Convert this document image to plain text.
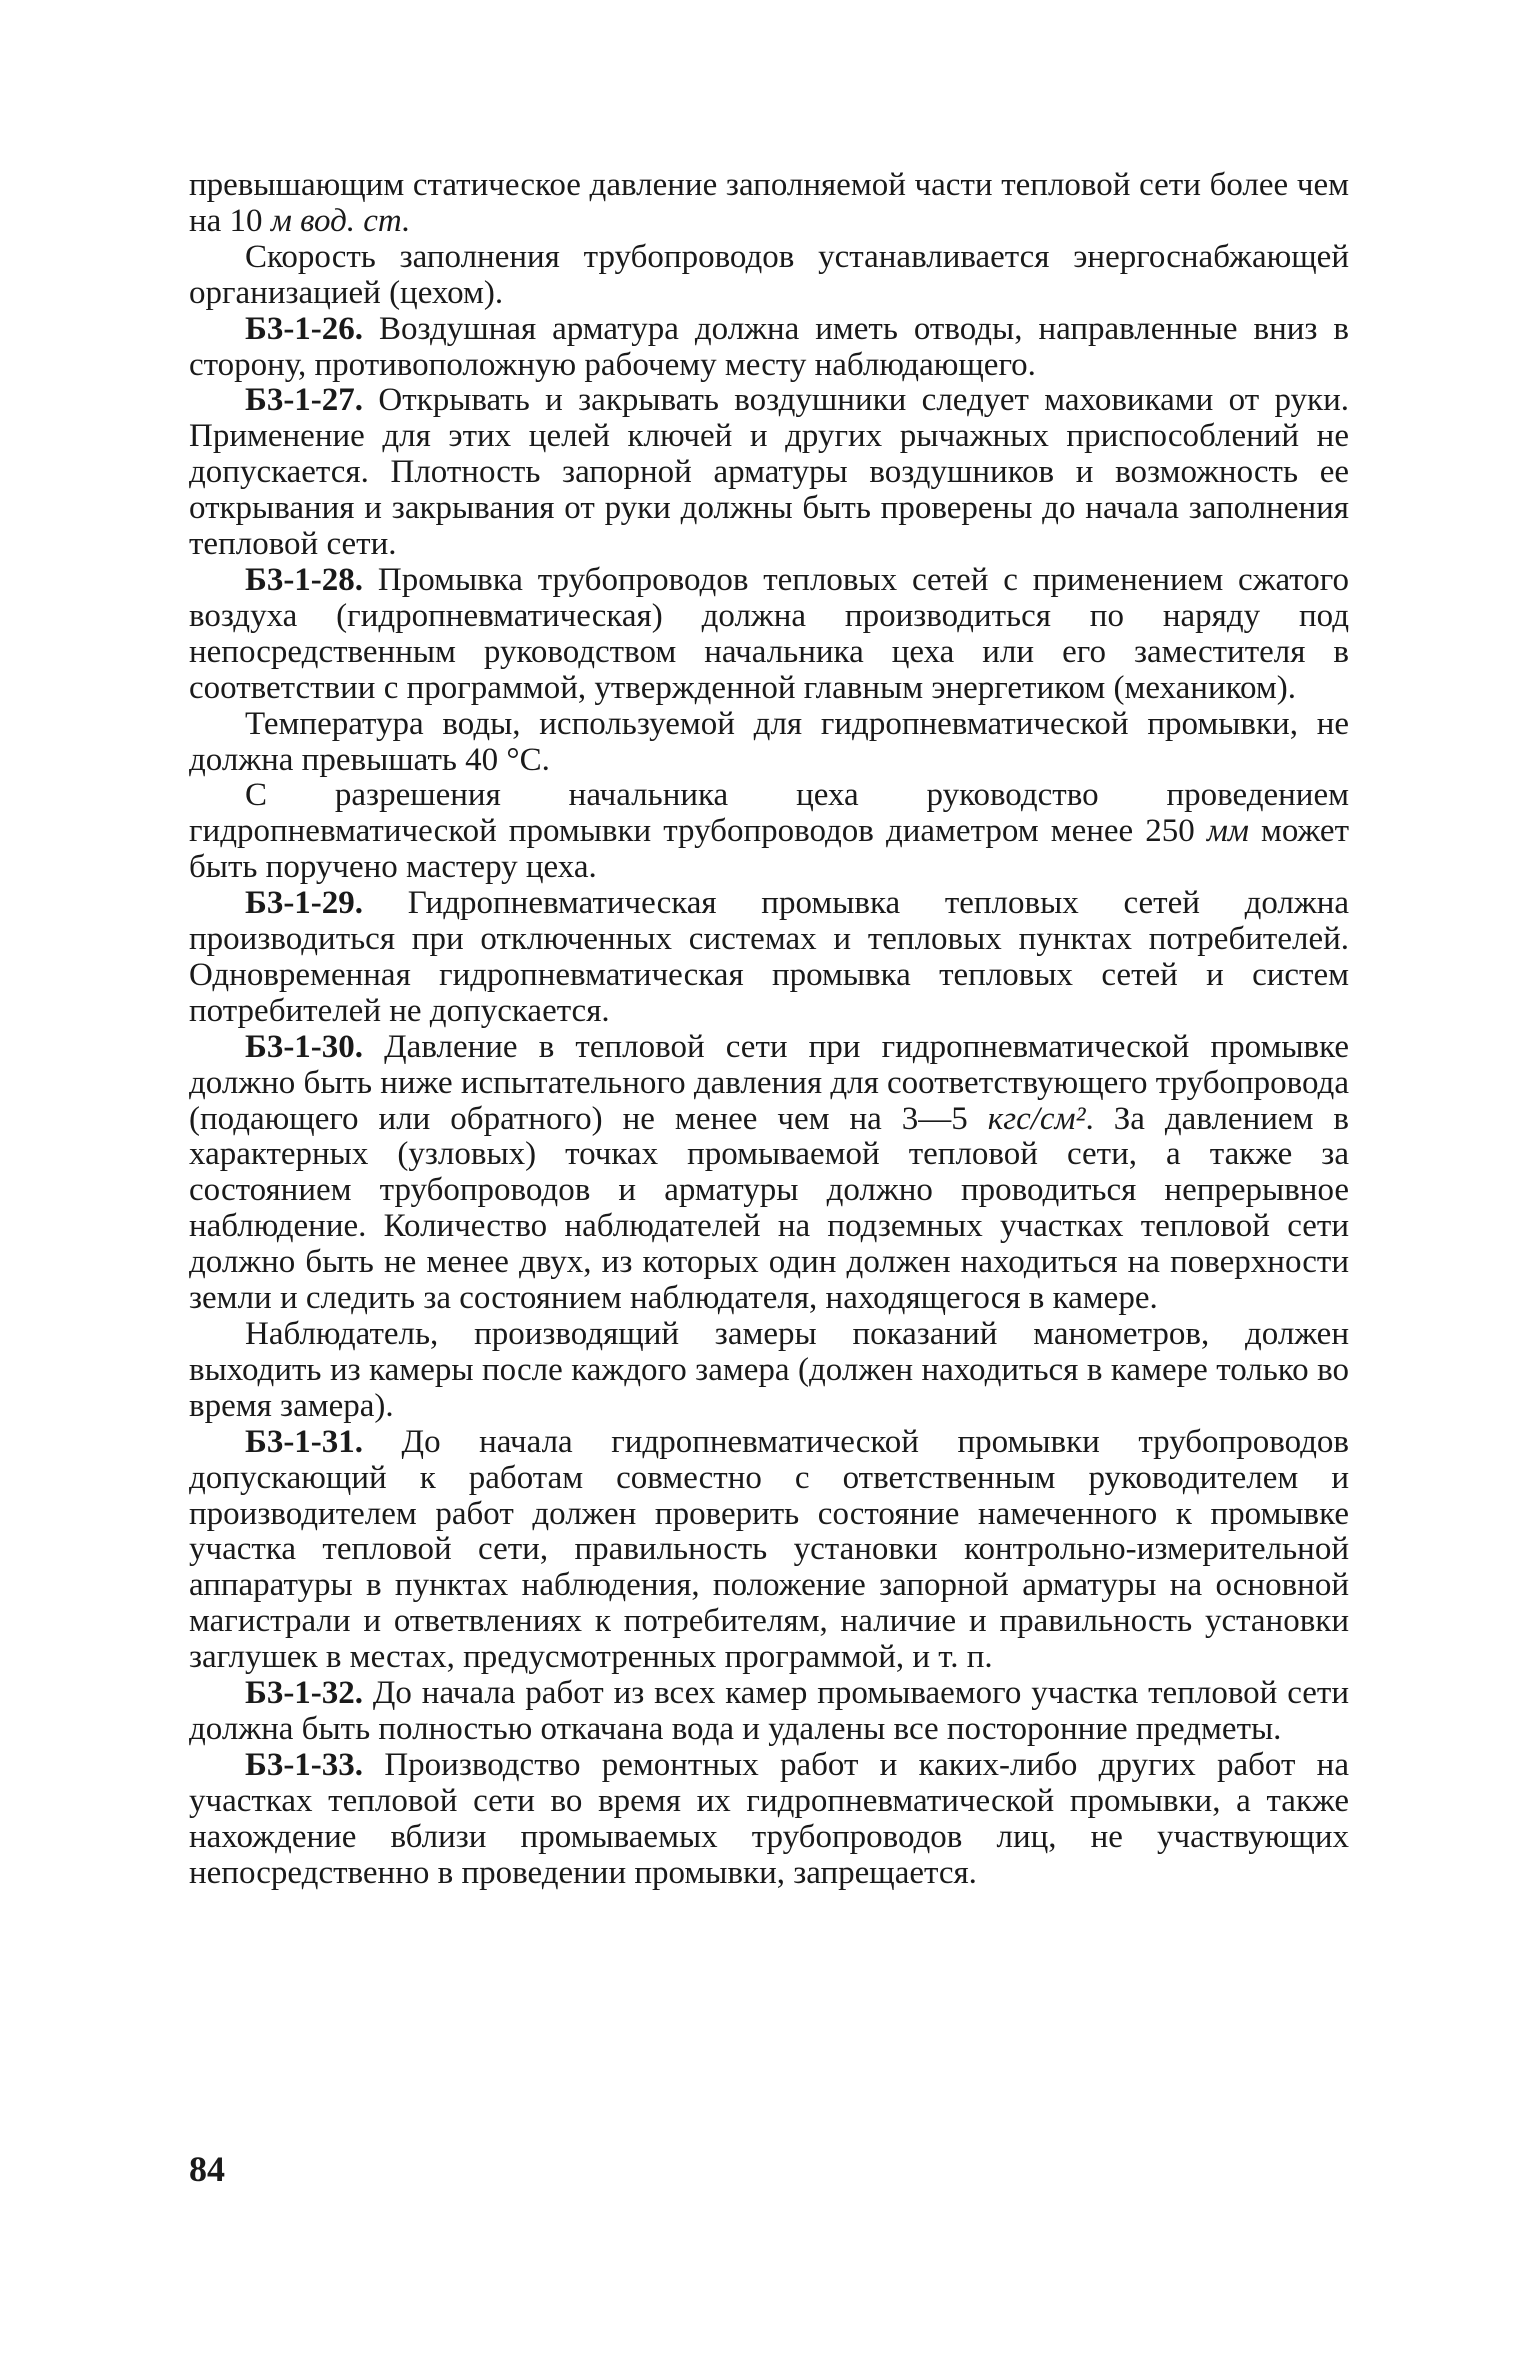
превышающим статическое давление заполняемой части тепловой сети более чем на 10 м вод. ст.

Скорость заполнения трубопроводов устанавливается энергоснабжающей организацией (цехом).

Б3-1-26. Воздушная арматура должна иметь отводы, направленные вниз в сторону, противоположную рабочему месту наблюдающего.

Б3-1-27. Открывать и закрывать воздушники следует маховиками от руки. Применение для этих целей ключей и других рычажных приспособлений не допускается. Плотность запорной арматуры воздушников и возможность ее открывания и закрывания от руки должны быть проверены до начала заполнения тепловой сети.

Б3-1-28. Промывка трубопроводов тепловых сетей с применением сжатого воздуха (гидропневматическая) должна производиться по наряду под непосредственным руководством начальника цеха или его заместителя в соответствии с программой, утвержденной главным энергетиком (механиком).

Температура воды, используемой для гидропневматической промывки, не должна превышать 40 °С.

С разрешения начальника цеха руководство проведением гидропневматической промывки трубопроводов диаметром менее 250 мм может быть поручено мастеру цеха.

Б3-1-29. Гидропневматическая промывка тепловых сетей должна производиться при отключенных системах и тепловых пунктах потребителей. Одновременная гидропневматическая промывка тепловых сетей и систем потребителей не допускается.

Б3-1-30. Давление в тепловой сети при гидропневматической промывке должно быть ниже испытательного давления для соответствующего трубопровода (подающего или обратного) не менее чем на 3—5 кгс/см². За давлением в характерных (узловых) точках промываемой тепловой сети, а также за состоянием трубопроводов и арматуры должно проводиться непрерывное наблюдение. Количество наблюдателей на подземных участках тепловой сети должно быть не менее двух, из которых один должен находиться на поверхности земли и следить за состоянием наблюдателя, находящегося в камере.

Наблюдатель, производящий замеры показаний манометров, должен выходить из камеры после каждого замера (должен находиться в камере только во время замера).

Б3-1-31. До начала гидропневматической промывки трубопроводов допускающий к работам совместно с ответственным руководителем и производителем работ должен проверить состояние намеченного к промывке участка тепловой сети, правильность установки контрольно-измерительной аппаратуры в пунктах наблюдения, положение запорной арматуры на основной магистрали и ответвлениях к потребителям, наличие и правильность установки заглушек в местах, предусмотренных программой, и т. п.

Б3-1-32. До начала работ из всех камер промываемого участка тепловой сети должна быть полностью откачана вода и удалены все посторонние предметы.

Б3-1-33. Производство ремонтных работ и каких-либо других работ на участках тепловой сети во время их гидропневматической промывки, а также нахождение вблизи промываемых трубопроводов лиц, не участвующих непосредственно в проведении промывки, запрещается.

84
